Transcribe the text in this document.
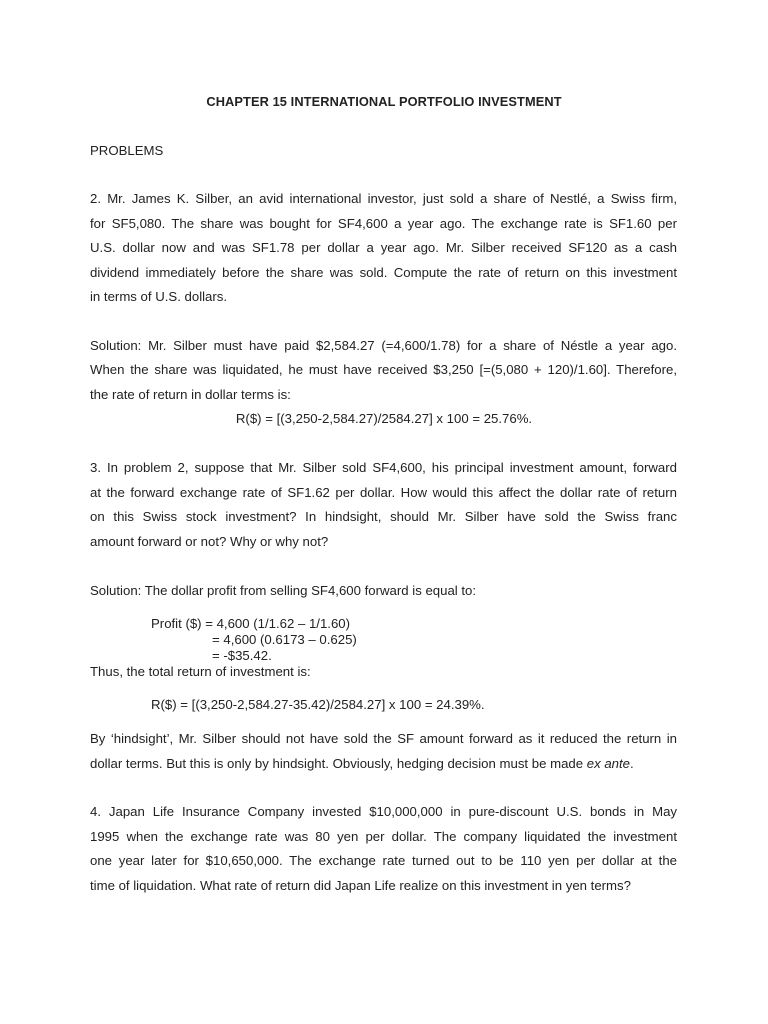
CHAPTER 15 INTERNATIONAL PORTFOLIO INVESTMENT
PROBLEMS
2. Mr. James K. Silber, an avid international investor, just sold a share of Nestlé, a Swiss firm,
for SF5,080. The share was bought for SF4,600 a year ago. The exchange rate is SF1.60 per
U.S. dollar now and was SF1.78 per dollar a year ago. Mr. Silber received SF120 as a cash
dividend immediately before the share was sold. Compute the rate of return on this investment
in terms of U.S. dollars.
Solution: Mr. Silber must have paid $2,584.27 (=4,600/1.78) for a share of Néstle a year ago.
When the share was liquidated, he must have received $3,250 [=(5,080 + 120)/1.60]. Therefore,
the rate of return in dollar terms is:
R($) = [(3,250-2,584.27)/2584.27] x 100 = 25.76%.
3. In problem 2, suppose that Mr. Silber sold SF4,600, his principal investment amount, forward
at the forward exchange rate of SF1.62 per dollar. How would this affect the dollar rate of return
on this Swiss stock investment? In hindsight, should Mr. Silber have sold the Swiss franc
amount forward or not? Why or why not?
Solution: The dollar profit from selling SF4,600 forward is equal to:
Profit ($) = 4,600 (1/1.62 – 1/1.60)
= 4,600 (0.6173 – 0.625)
= -$35.42.
Thus, the total return of investment is:
R($) = [(3,250-2,584.27-35.42)/2584.27] x 100 = 24.39%.
By ‘hindsight’, Mr. Silber should not have sold the SF amount forward as it reduced the return in
dollar terms. But this is only by hindsight. Obviously, hedging decision must be made ex ante.
4. Japan Life Insurance Company invested $10,000,000 in pure-discount U.S. bonds in May
1995 when the exchange rate was 80 yen per dollar. The company liquidated the investment
one year later for $10,650,000. The exchange rate turned out to be 110 yen per dollar at the
time of liquidation. What rate of return did Japan Life realize on this investment in yen terms?
